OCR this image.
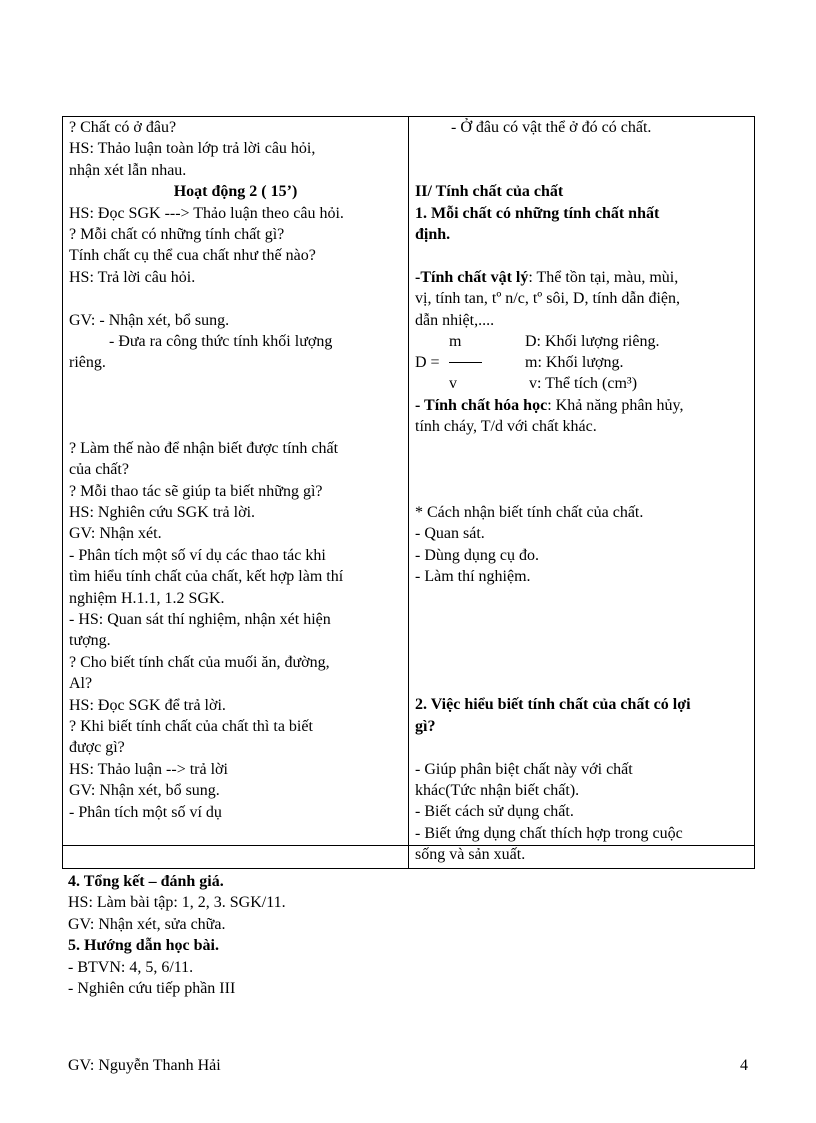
? Chất có ở đâu?
HS: Thảo luận toàn lớp trả lời câu hỏi,
nhận xét lẫn nhau.
Hoạt động 2 ( 15’)
HS: Đọc SGK ---> Thảo luận theo câu hỏi.
? Mỗi chất có những tính chất gì?
Tính chất cụ thể cua chất như thế nào?
HS: Trả lời câu hỏi.
GV: - Nhận xét, bổ sung.
- Đưa ra công thức tính khối lượng
riêng.
? Làm thế nào để nhận biết được tính chất
của chất?
? Mỗi thao tác sẽ giúp ta biết những gì?
HS: Nghiên cứu SGK trả lời.
GV: Nhận xét.
- Phân tích một số ví dụ các thao tác khi
tìm hiểu tính chất của chất, kết hợp làm thí
nghiệm H.1.1, 1.2 SGK.
- HS: Quan sát thí nghiệm, nhận xét hiện
tượng.
? Cho biết tính chất của muối ăn, đường,
Al?
HS: Đọc SGK để trả lời.
? Khi biết tính chất của chất thì ta biết
được gì?
HS: Thảo luận --> trả lời
GV: Nhận xét, bổ sung.
- Phân tích một số ví dụ
- Ở đâu có vật thể ở đó có chất.
II/ Tính chất của chất
1. Mỗi chất có những tính chất nhất
định.
-Tính chất vật lý: Thể tồn tại, màu, mùi,
vị, tính tan, tº n/c, tº sôi, D, tính dẫn điện,
dẫn nhiệt,....
m
D =
v
D: Khối lượng riêng.
m: Khối lượng.
v: Thể tích (cm³)
- Tính chất hóa học: Khả năng phân hủy,
tính cháy, T/d với chất khác.
* Cách nhận biết tính chất của chất.
- Quan sát.
- Dùng dụng cụ đo.
- Làm thí nghiệm.
2. Việc hiểu biết tính chất của chất có lợi
gì?
- Giúp phân biệt chất này với chất
khác(Tức nhận biết chất).
- Biết cách sử dụng chất.
- Biết ứng dụng chất thích hợp trong cuộc
sống và sản xuất.
4. Tổng kết – đánh giá.
HS: Làm bài tập: 1, 2, 3. SGK/11.
GV: Nhận xét, sửa chữa.
5. Hướng dẫn học bài.
- BTVN: 4, 5, 6/11.
- Nghiên cứu tiếp phần III
GV: Nguyễn Thanh Hải	4
